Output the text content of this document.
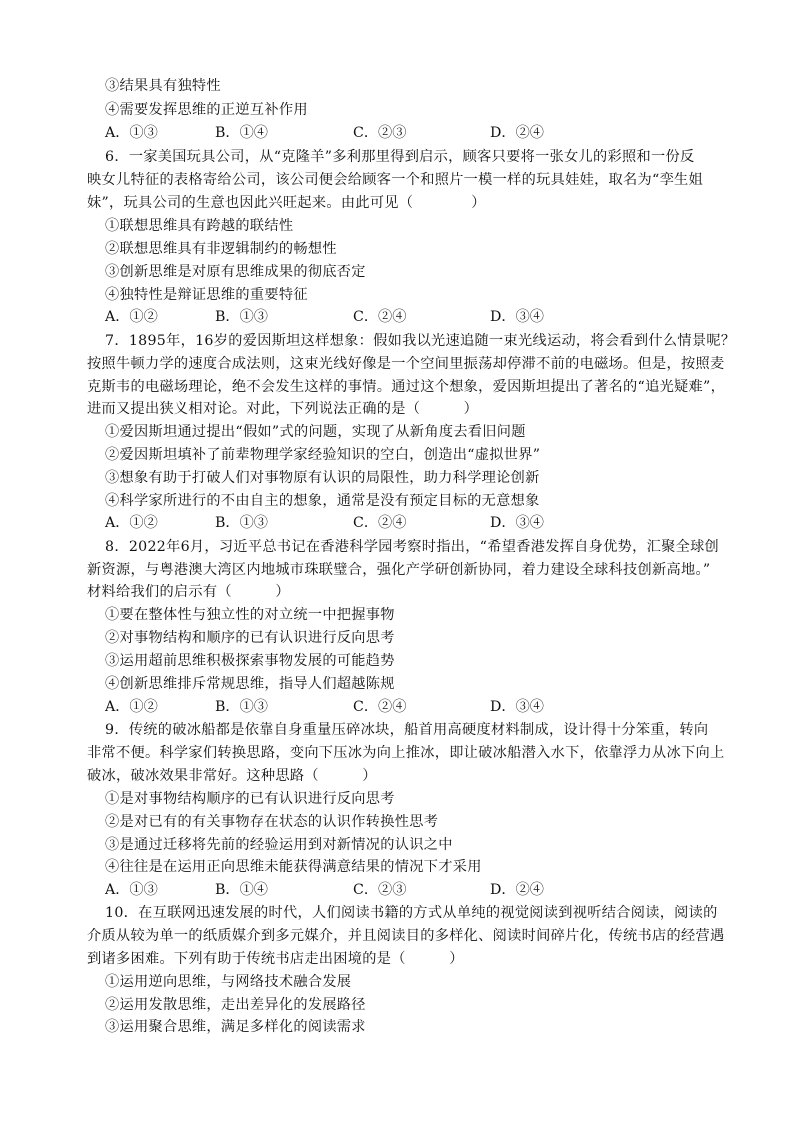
③结果具有独特性
④需要发挥思维的正逆互补作用
A．①③	B．①④	C．②③	D．②④
6．一家美国玩具公司，从“克隆羊”多利那里得到启示，顾客只要将一张女儿的彩照和一份反
映女儿特征的表格寄给公司，该公司便会给顾客一个和照片一模一样的玩具娃娃，取名为“孪生姐
妹”，玩具公司的生意也因此兴旺起来。由此可见（　　　　）
①联想思维具有跨越的联结性
②联想思维具有非逻辑制约的畅想性
③创新思维是对原有思维成果的彻底否定
④独特性是辩证思维的重要特征
A．①②	B．①③	C．②④	D．③④
7．1895年，16岁的爱因斯坦这样想象：假如我以光速追随一束光线运动，将会看到什么情景呢？
按照牛顿力学的速度合成法则，这束光线好像是一个空间里振荡却停滞不前的电磁场。但是，按照麦
克斯韦的电磁场理论，绝不会发生这样的事情。通过这个想象，爱因斯坦提出了著名的“追光疑难”，
进而又提出狭义相对论。对此，下列说法正确的是（　　　）
①爱因斯坦通过提出“假如”式的问题，实现了从新角度去看旧问题
②爱因斯坦填补了前辈物理学家经验知识的空白，创造出“虚拟世界”
③想象有助于打破人们对事物原有认识的局限性，助力科学理论创新
④科学家所进行的不由自主的想象，通常是没有预定目标的无意想象
A．①②	B．①③	C．②④	D．③④
8．2022年6月，习近平总书记在香港科学园考察时指出，“希望香港发挥自身优势，汇聚全球创
新资源，与粤港澳大湾区内地城市珠联璧合，强化产学研创新协同，着力建设全球科技创新高地。”
材料给我们的启示有（　　　）
①要在整体性与独立性的对立统一中把握事物
②对事物结构和顺序的已有认识进行反向思考
③运用超前思维积极探索事物发展的可能趋势
④创新思维排斥常规思维，指导人们超越陈规
A．①②	B．①③	C．②④	D．③④
9．传统的破冰船都是依靠自身重量压碎冰块，船首用高硬度材料制成，设计得十分笨重，转向
非常不便。科学家们转换思路，变向下压冰为向上推冰，即让破冰船潜入水下，依靠浮力从冰下向上
破冰，破冰效果非常好。这种思路（　　　）
①是对事物结构顺序的已有认识进行反向思考
②是对已有的有关事物存在状态的认识作转换性思考
③是通过迁移将先前的经验运用到对新情况的认识之中
④往往是在运用正向思维未能获得满意结果的情况下才采用
A．①③	B．①④	C．②③	D．②④
10．在互联网迅速发展的时代，人们阅读书籍的方式从单纯的视觉阅读到视听结合阅读，阅读的
介质从较为单一的纸质媒介到多元媒介，并且阅读目的多样化、阅读时间碎片化，传统书店的经营遇
到诸多困难。下列有助于传统书店走出困境的是（　　　）
①运用逆向思维，与网络技术融合发展
②运用发散思维，走出差异化的发展路径
③运用聚合思维，满足多样化的阅读需求
